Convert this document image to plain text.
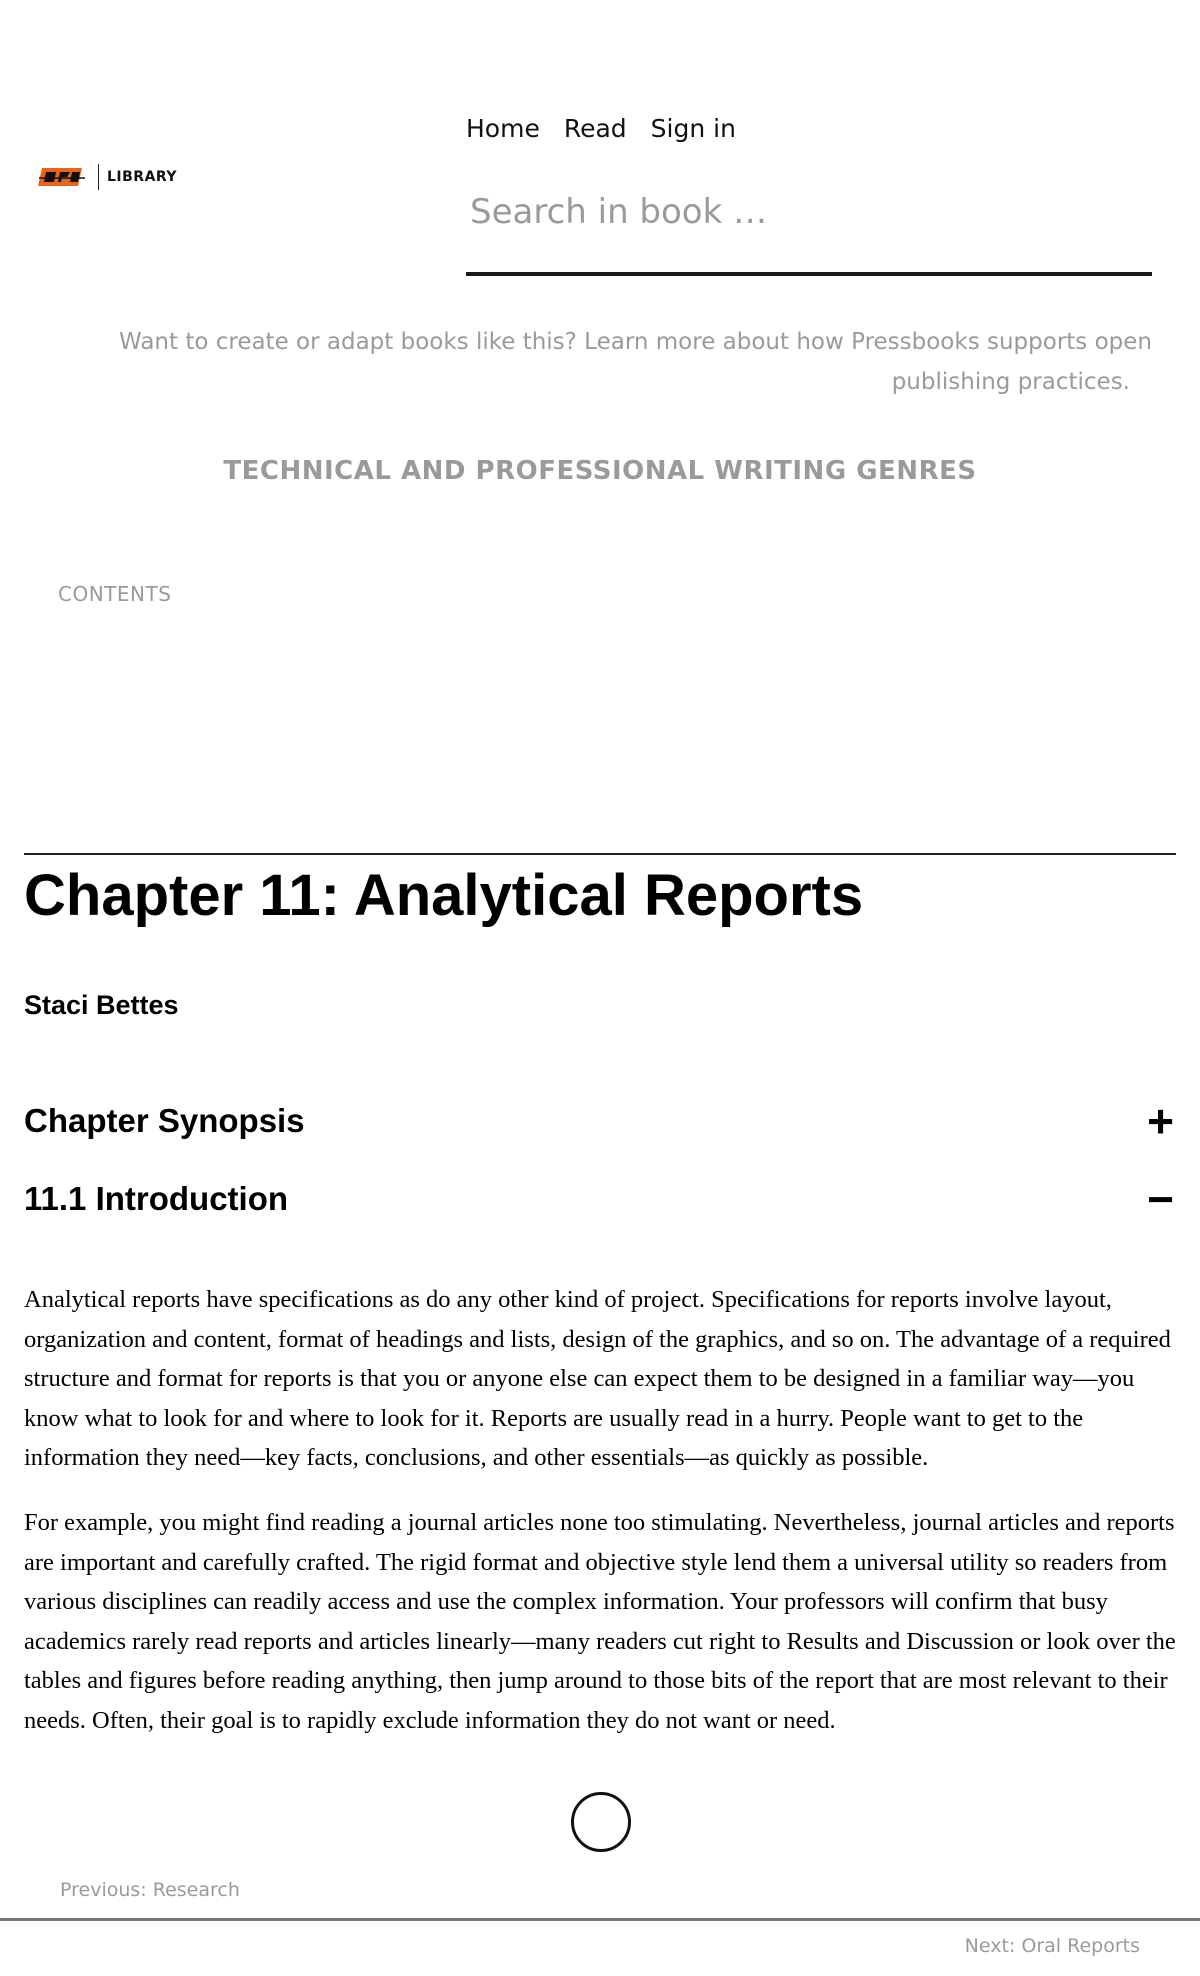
LIBRARY
Home Read Sign in
Search in book …
Want to create or adapt books like this? Learn more about how Pressbooks supports open
publishing practices.
TECHNICAL AND PROFESSIONAL WRITING GENRES
CONTENTS
Chapter 11: Analytical Reports
Staci Bettes
Chapter Synopsis	+
11.1 Introduction	−

Analytical reports have specifications as do any other kind of project. Specifications for reports involve layout, organization and content, format of headings and lists, design of the graphics, and so on. The advantage of a required structure and format for reports is that you or anyone else can expect them to be designed in a familiar way—you know what to look for and where to look for it. Reports are usually read in a hurry. People want to get to the information they need—key facts, conclusions, and other essentials—as quickly as possible.

For example, you might find reading a journal articles none too stimulating. Nevertheless, journal articles and reports are important and carefully crafted. The rigid format and objective style lend them a universal utility so readers from various disciplines can readily access and use the complex information. Your professors will confirm that busy academics rarely read reports and articles linearly—many readers cut right to Results and Discussion or look over the tables and figures before reading anything, then jump around to those bits of the report that are most relevant to their needs. Often, their goal is to rapidly exclude information they do not want or need.

Previous: Research
Next: Oral Reports
